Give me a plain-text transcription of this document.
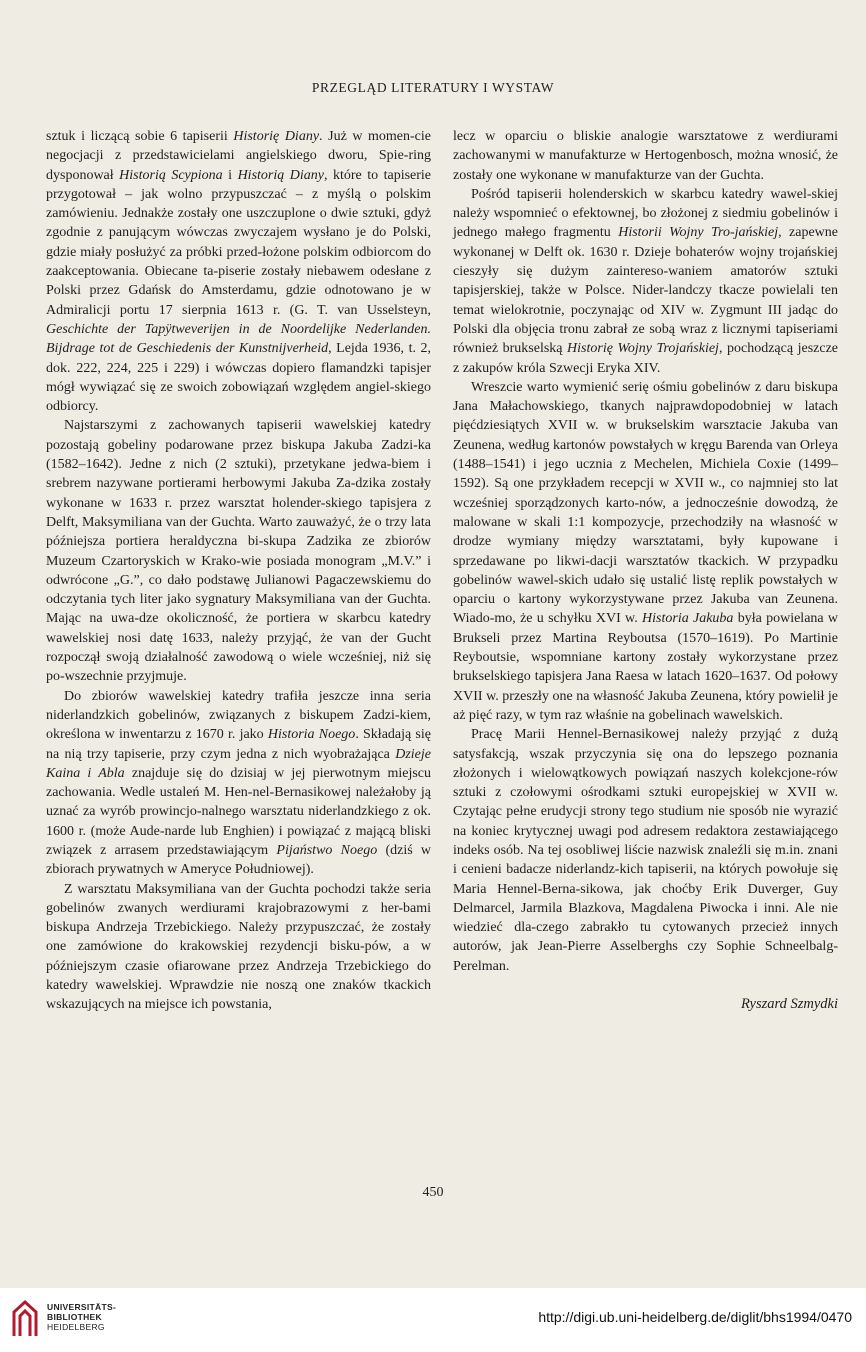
PRZEGLĄD LITERATURY I WYSTAW

sztuk i liczącą sobie 6 tapiserii Historię Diany. Już w momen-cie negocjacji z przedstawicielami angielskiego dworu, Spie-ring dysponował Historią Scypiona i Historią Diany, które to tapiserie przygotował – jak wolno przypuszczać – z myślą o polskim zamówieniu. Jednakże zostały one uszczuplone o dwie sztuki, gdyż zgodnie z panującym wówczas zwyczajem wysłano je do Polski, gdzie miały posłużyć za próbki przed-łożone polskim odbiorcom do zaakceptowania. Obiecane ta-piserie zostały niebawem odesłane z Polski przez Gdańsk do Amsterdamu, gdzie odnotowano je w Admiralicji portu 17 sierpnia 1613 r. (G. T. van Usselsteyn, Geschichte der Tapÿtweverijen in de Noordelijke Nederlanden. Bijdrage tot de Geschiedenis der Kunstnijverheid, Lejda 1936, t. 2, dok. 222, 224, 225 i 229) i wówczas dopiero flamandzki tapisjer mógł wywiązać się ze swoich zobowiązań względem angiel-skiego odbiorcy.

Najstarszymi z zachowanych tapiserii wawelskiej katedry pozostają gobeliny podarowane przez biskupa Jakuba Zadzi-ka (1582–1642). Jedne z nich (2 sztuki), przetykane jedwa-biem i srebrem nazywane portierami herbowymi Jakuba Za-dzika zostały wykonane w 1633 r. przez warsztat holender-skiego tapisjera z Delft, Maksymiliana van der Guchta. Warto zauważyć, że o trzy lata późniejsza portiera heraldyczna bi-skupa Zadzika ze zbiorów Muzeum Czartoryskich w Krako-wie posiada monogram „M.V.” i odwrócone „G.”, co dało podstawę Julianowi Pagaczewskiemu do odczytania tych liter jako sygnatury Maksymiliana van der Guchta. Mając na uwa-dze okoliczność, że portiera w skarbcu katedry wawelskiej nosi datę 1633, należy przyjąć, że van der Gucht rozpoczął swoją działalność zawodową o wiele wcześniej, niż się po-wszechnie przyjmuje.

Do zbiorów wawelskiej katedry trafiła jeszcze inna seria niderlandzkich gobelinów, związanych z biskupem Zadzi-kiem, określona w inwentarzu z 1670 r. jako Historia Noego. Składają się na nią trzy tapiserie, przy czym jedna z nich wyobrażająca Dzieje Kaina i Abla znajduje się do dzisiaj w jej pierwotnym miejscu zachowania. Wedle ustaleń M. Hen-nel-Bernasikowej należałoby ją uznać za wyrób prowincjo-nalnego warsztatu niderlandzkiego z ok. 1600 r. (może Aude-narde lub Enghien) i powiązać z mającą bliski związek z arrasem przedstawiającym Pijaństwo Noego (dziś w zbiorach prywatnych w Ameryce Południowej).

Z warsztatu Maksymiliana van der Guchta pochodzi także seria gobelinów zwanych werdiurami krajobrazowymi z her-bami biskupa Andrzeja Trzebickiego. Należy przypuszczać, że zostały one zamówione do krakowskiej rezydencji bisku-pów, a w późniejszym czasie ofiarowane przez Andrzeja Trzebickiego do katedry wawelskiej. Wprawdzie nie noszą one znaków tkackich wskazujących na miejsce ich powstania,

lecz w oparciu o bliskie analogie warsztatowe z werdiurami zachowanymi w manufakturze w Hertogenbosch, można wnosić, że zostały one wykonane w manufakturze van der Guchta.

Pośród tapiserii holenderskich w skarbcu katedry wawel-skiej należy wspomnieć o efektownej, bo złożonej z siedmiu gobelinów i jednego małego fragmentu Historii Wojny Tro-jańskiej, zapewne wykonanej w Delft ok. 1630 r. Dzieje bohaterów wojny trojańskiej cieszyły się dużym zaintereso-waniem amatorów sztuki tapisjerskiej, także w Polsce. Nider-landczy tkacze powielali ten temat wielokrotnie, poczynając od XIV w. Zygmunt III jadąc do Polski dla objęcia tronu zabrał ze sobą wraz z licznymi tapiseriami również brukselską Historię Wojny Trojańskiej, pochodzącą jeszcze z zakupów króla Szwecji Eryka XIV.

Wreszcie warto wymienić serię ośmiu gobelinów z daru biskupa Jana Małachowskiego, tkanych najprawdopodobniej w latach pięćdziesiątych XVII w. w brukselskim warsztacie Jakuba van Zeunena, według kartonów powstałych w kręgu Barenda van Orleya (1488–1541) i jego ucznia z Mechelen, Michiela Coxie (1499–1592). Są one przykładem recepcji w XVII w., co najmniej sto lat wcześniej sporządzonych karto-nów, a jednocześnie dowodzą, że malowane w skali 1:1 kompozycje, przechodziły na własność w drodze wymiany między warsztatami, były kupowane i sprzedawane po likwi-dacji warsztatów tkackich. W przypadku gobelinów wawel-skich udało się ustalić listę replik powstałych w oparciu o kartony wykorzystywane przez Jakuba van Zeunena. Wiado-mo, że u schyłku XVI w. Historia Jakuba była powielana w Brukseli przez Martina Reyboutsa (1570–1619). Po Martinie Reyboutsie, wspomniane kartony zostały wykorzystane przez brukselskiego tapisjera Jana Raesa w latach 1620–1637. Od połowy XVII w. przeszły one na własność Jakuba Zeunena, który powielił je aż pięć razy, w tym raz właśnie na gobelinach wawelskich.

Pracę Marii Hennel-Bernasikowej należy przyjąć z dużą satysfakcją, wszak przyczynia się ona do lepszego poznania złożonych i wielowątkowych powiązań naszych kolekcjone-rów sztuki z czołowymi ośrodkami sztuki europejskiej w XVII w. Czytając pełne erudycji strony tego studium nie sposób nie wyrazić na koniec krytycznej uwagi pod adresem redaktora zestawiającego indeks osób. Na tej osobliwej liście nazwisk znaleźli się m.in. znani i cenieni badacze niderlandz-kich tapiserii, na których powołuje się Maria Hennel-Berna-sikowa, jak choćby Erik Duverger, Guy Delmarcel, Jarmila Blazkova, Magdalena Piwocka i inni. Ale nie wiedzieć dla-czego zabrakło tu cytowanych przecież innych autorów, jak Jean-Pierre Asselberghs czy Sophie Schneelbalg-Perelman.

Ryszard Szmydki

450
UNIVERSITÄTS-
BIBLIOTHEK
HEIDELBERG
http://digi.ub.uni-heidelberg.de/diglit/bhs1994/0470
